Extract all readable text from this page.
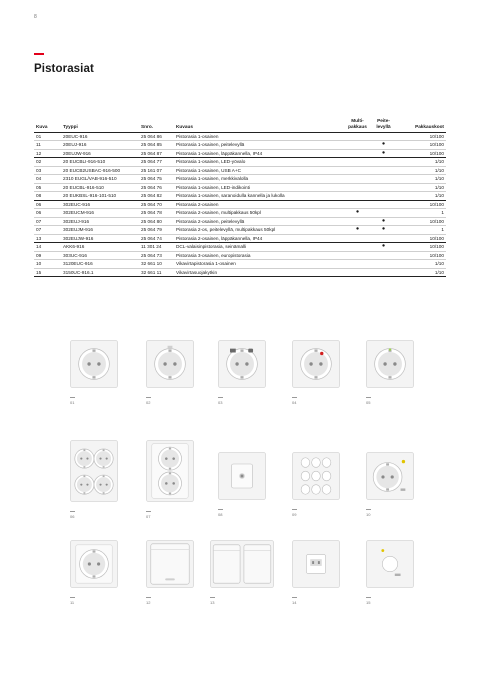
8
Pistorasiat
Kuva	Tyyppi	Snro.	Kuvaus	Multi-
pakkaus	Peite-
levyllä	Pakkauskoot
01	20EUC-916	25 064 86	Pistorasia 1-osainen			10/100
11	20EUJ-916	25 064 85	Pistorasia 1-osainen, peitelevyllä		●	10/100
12	20EUJW-916	25 064 87	Pistorasia 1-osainen, läppäkannella, IP44		●	10/100
02	20 EUCBLI-916-510	25 064 77	Pistorasia 1-osainen, LED-yövalo			1/10
03	20 EUCB2USBAC-916-500	25 161 07	Pistorasia 1-osainen, USB A+C			1/10
04	2310 EUGL/VAB-916-510	25 064 75	Pistorasia 1-osainen, merkkivalolla			1/10
05	20 EUCBL-916-510	25 064 76	Pistorasia 1-osainen, LED-indikointi			1/10
08	20 EUKBSL-916-101-510	25 064 82	Pistorasia 1-osainen, saranoidulla kannella ja lukolla			1/10
06	302EUC-916	25 064 70	Pistorasia 2-osainen			10/100
06	302EUCM-916	25 064 78	Pistorasia 2-osainen, multipakkaus 50kpl	●		1
07	302EUJ-916	25 064 80	Pistorasia 2-osainen, peitelevyllä		●	10/100
07	302EUJM-916	25 064 79	Pistorasia 2-os, peitelevyllä, multipakkaus 50kpl	●	●	1
13	302EUJW-916	25 064 74	Pistorasia 2-osainen, läppäkannella, IP44			10/100
14	AKK6-916	11 301 24	DCL-valaisinpistorasia, seinämalli		●	10/100
09	303UC-916	25 064 73	Pistorasia 3-osainen, europistorasia			10/100
10	3120EUC-916	32 661 10	Vikavirtapistorasia 1-osainen			1/10
15	3150UC-916.1	32 661 11	Vikavirtasuojakytkin			1/10
01	02	03	04	05
06	07	08	09	10
11	12	13	14	15
